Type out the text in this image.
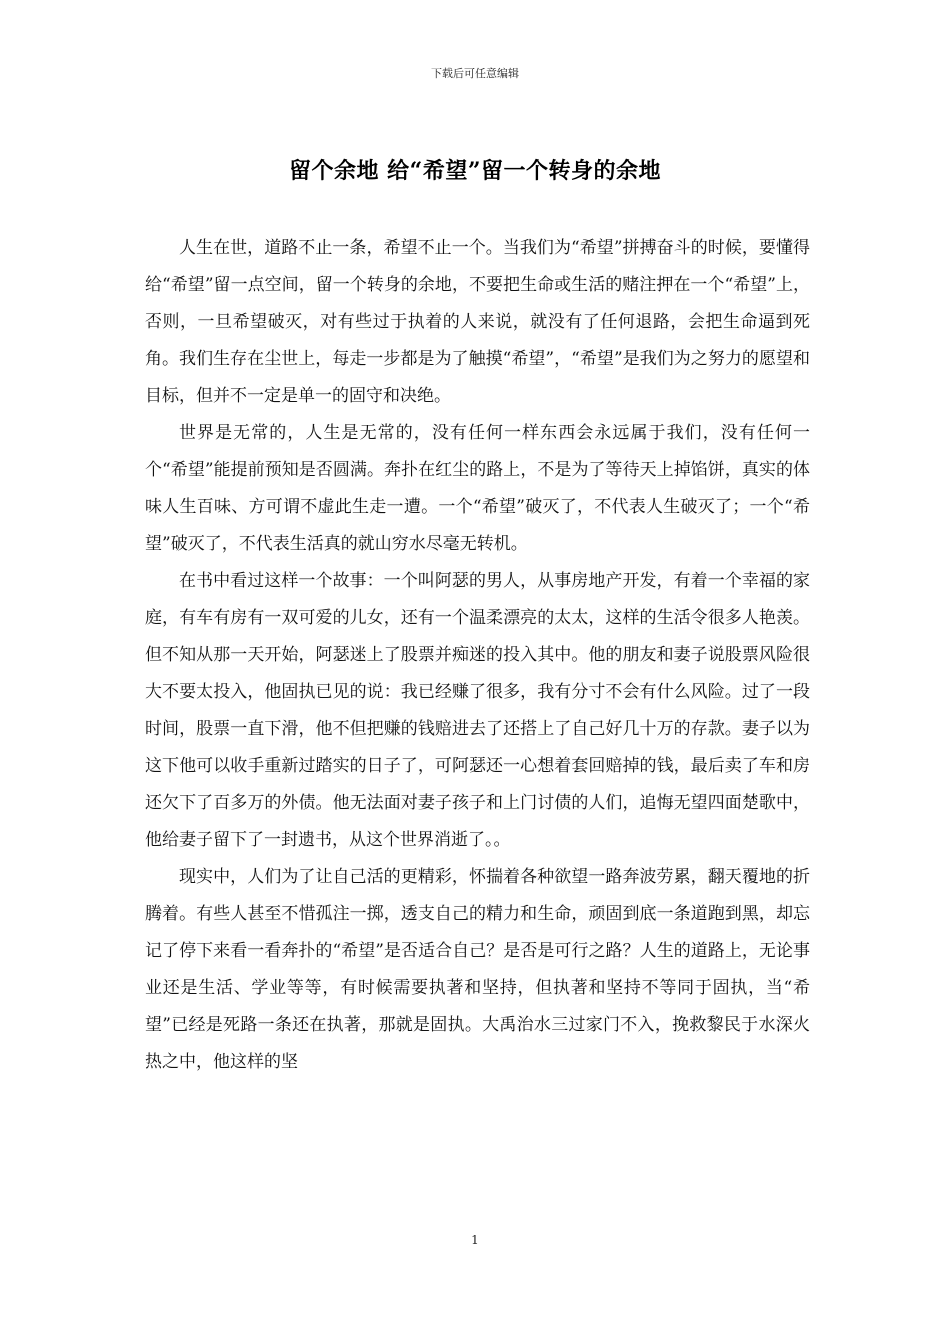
下载后可任意编辑
留个余地 给“希望”留一个转身的余地

人生在世，道路不止一条，希望不止一个。当我们为“希望”拼搏奋斗的时候，要懂得给“希望”留一点空间，留一个转身的余地，不要把生命或生活的赌注押在一个“希望”上，否则，一旦希望破灭，对有些过于执着的人来说，就没有了任何退路，会把生命逼到死角。我们生存在尘世上，每走一步都是为了触摸“希望”，“希望”是我们为之努力的愿望和目标，但并不一定是单一的固守和决绝。

世界是无常的，人生是无常的，没有任何一样东西会永远属于我们，没有任何一个“希望”能提前预知是否圆满。奔扑在红尘的路上，不是为了等待天上掉馅饼，真实的体味人生百味、方可谓不虚此生走一遭。一个“希望”破灭了，不代表人生破灭了；一个“希望”破灭了，不代表生活真的就山穷水尽毫无转机。

在书中看过这样一个故事：一个叫阿瑟的男人，从事房地产开发，有着一个幸福的家庭，有车有房有一双可爱的儿女，还有一个温柔漂亮的太太，这样的生活令很多人艳羡。但不知从那一天开始，阿瑟迷上了股票并痴迷的投入其中。他的朋友和妻子说股票风险很大不要太投入，他固执已见的说：我已经赚了很多，我有分寸不会有什么风险。过了一段时间，股票一直下滑，他不但把赚的钱赔进去了还搭上了自己好几十万的存款。妻子以为这下他可以收手重新过踏实的日子了，可阿瑟还一心想着套回赔掉的钱，最后卖了车和房还欠下了百多万的外债。他无法面对妻子孩子和上门讨债的人们，追悔无望四面楚歌中，他给妻子留下了一封遗书，从这个世界消逝了。。

现实中，人们为了让自己活的更精彩，怀揣着各种欲望一路奔波劳累，翻天覆地的折腾着。有些人甚至不惜孤注一掷，透支自己的精力和生命，顽固到底一条道跑到黑，却忘记了停下来看一看奔扑的“希望”是否适合自己？是否是可行之路？人生的道路上，无论事业还是生活、学业等等，有时候需要执著和坚持，但执著和坚持不等同于固执，当“希望”已经是死路一条还在执著，那就是固执。大禹治水三过家门不入，挽救黎民于水深火热之中，他这样的坚

1
